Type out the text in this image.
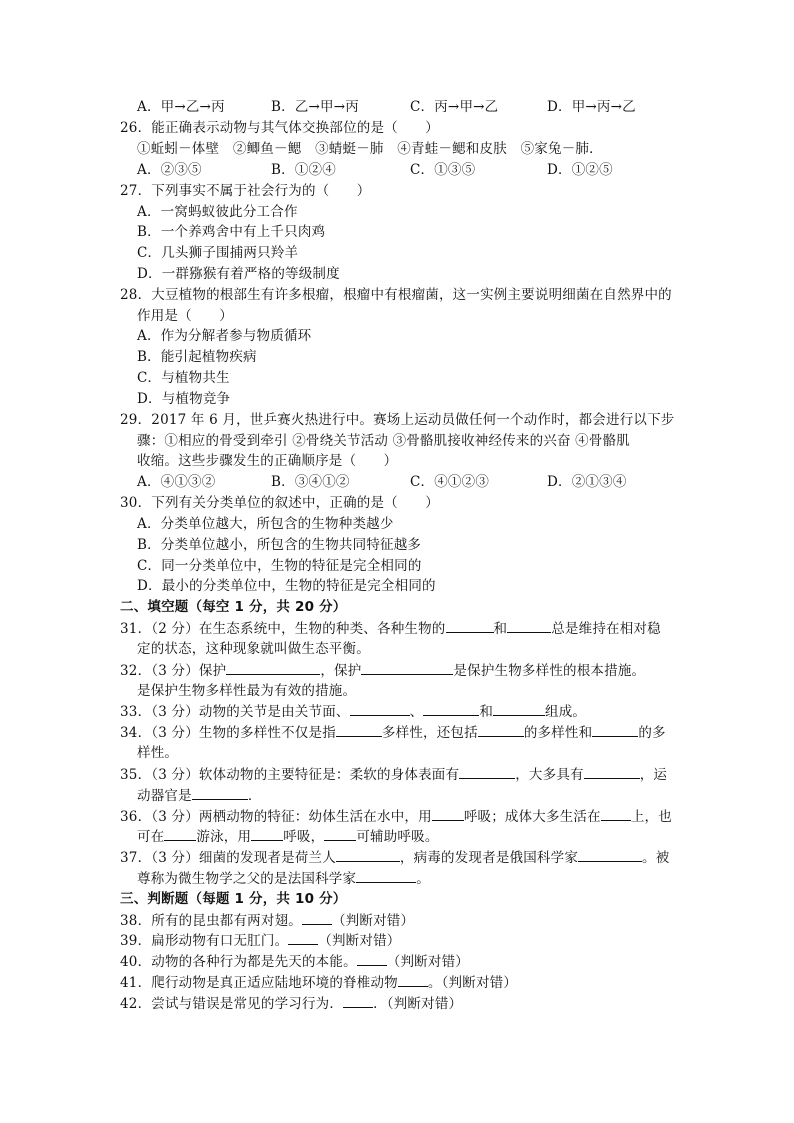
A．甲→乙→丙	B．乙→甲→丙	C．丙→甲→乙	D．甲→丙→乙
26．能正确表示动物与其气体交换部位的是（　　）
①蚯蚓－体壁　②鲫鱼－鳃　③蜻蜓－肺　④青蛙－鳃和皮肤　⑤家兔－肺．
A．②③⑤	B．①②④	C．①③⑤	D．①②⑤
27．下列事实不属于社会行为的（　　）
A．一窝蚂蚁彼此分工合作
B．一个养鸡舍中有上千只肉鸡
C．几头狮子围捕两只羚羊
D．一群猕猴有着严格的等级制度
28．大豆植物的根部生有许多根瘤，根瘤中有根瘤菌，这一实例主要说明细菌在自然界中的
作用是（　　）
A．作为分解者参与物质循环
B．能引起植物疾病
C．与植物共生
D．与植物竞争
29．2017 年 6 月，世乒赛火热进行中。赛场上运动员做任何一个动作时，都会进行以下步
骤：①相应的骨受到牵引 ②骨绕关节活动 ③骨骼肌接收神经传来的兴奋 ④骨骼肌
收缩。这些步骤发生的正确顺序是（　　）
A．④①③②	B．③④①②	C．④①②③	D．②①③④
30．下列有关分类单位的叙述中，正确的是（　　）
A．分类单位越大，所包含的生物种类越少
B．分类单位越小，所包含的生物共同特征越多
C．同一分类单位中，生物的特征是完全相同的
D．最小的分类单位中，生物的特征是完全相同的
二、填空题（每空 1 分，共 20 分）
31．（2 分）在生态系统中，生物的种类、各种生物的	和	总是维持在相对稳
定的状态，这种现象就叫做生态平衡。
32．（3 分）保护	，保护	是保护生物多样性的根本措施。
是保护生物多样性最为有效的措施。
33．（3 分）动物的关节是由关节面、	、	和	组成。
34．（3 分）生物的多样性不仅是指	多样性，还包括	的多样性和	的多
样性。
35．（3 分）软体动物的主要特征是：柔软的身体表面有	，大多具有	，运
动器官是	．
36．（3 分）两栖动物的特征：幼体生活在水中，用 呼吸；成体大多生活在 上，也
可在 游泳，用 呼吸， 可辅助呼吸。
37．（3 分）细菌的发现者是荷兰人	，病毒的发现者是俄国科学家	。被
尊称为微生物学之父的是法国科学家	。
三、判断题（每题 1 分，共 10 分）
38．所有的昆虫都有两对翅。 （判断对错）
39．扁形动物有口无肛门。 （判断对错）
40．动物的各种行为都是先天的本能。 （判断对错）
41．爬行动物是真正适应陆地环境的脊椎动物 。（判断对错）
42．尝试与错误是常见的学习行为． ．（判断对错）
